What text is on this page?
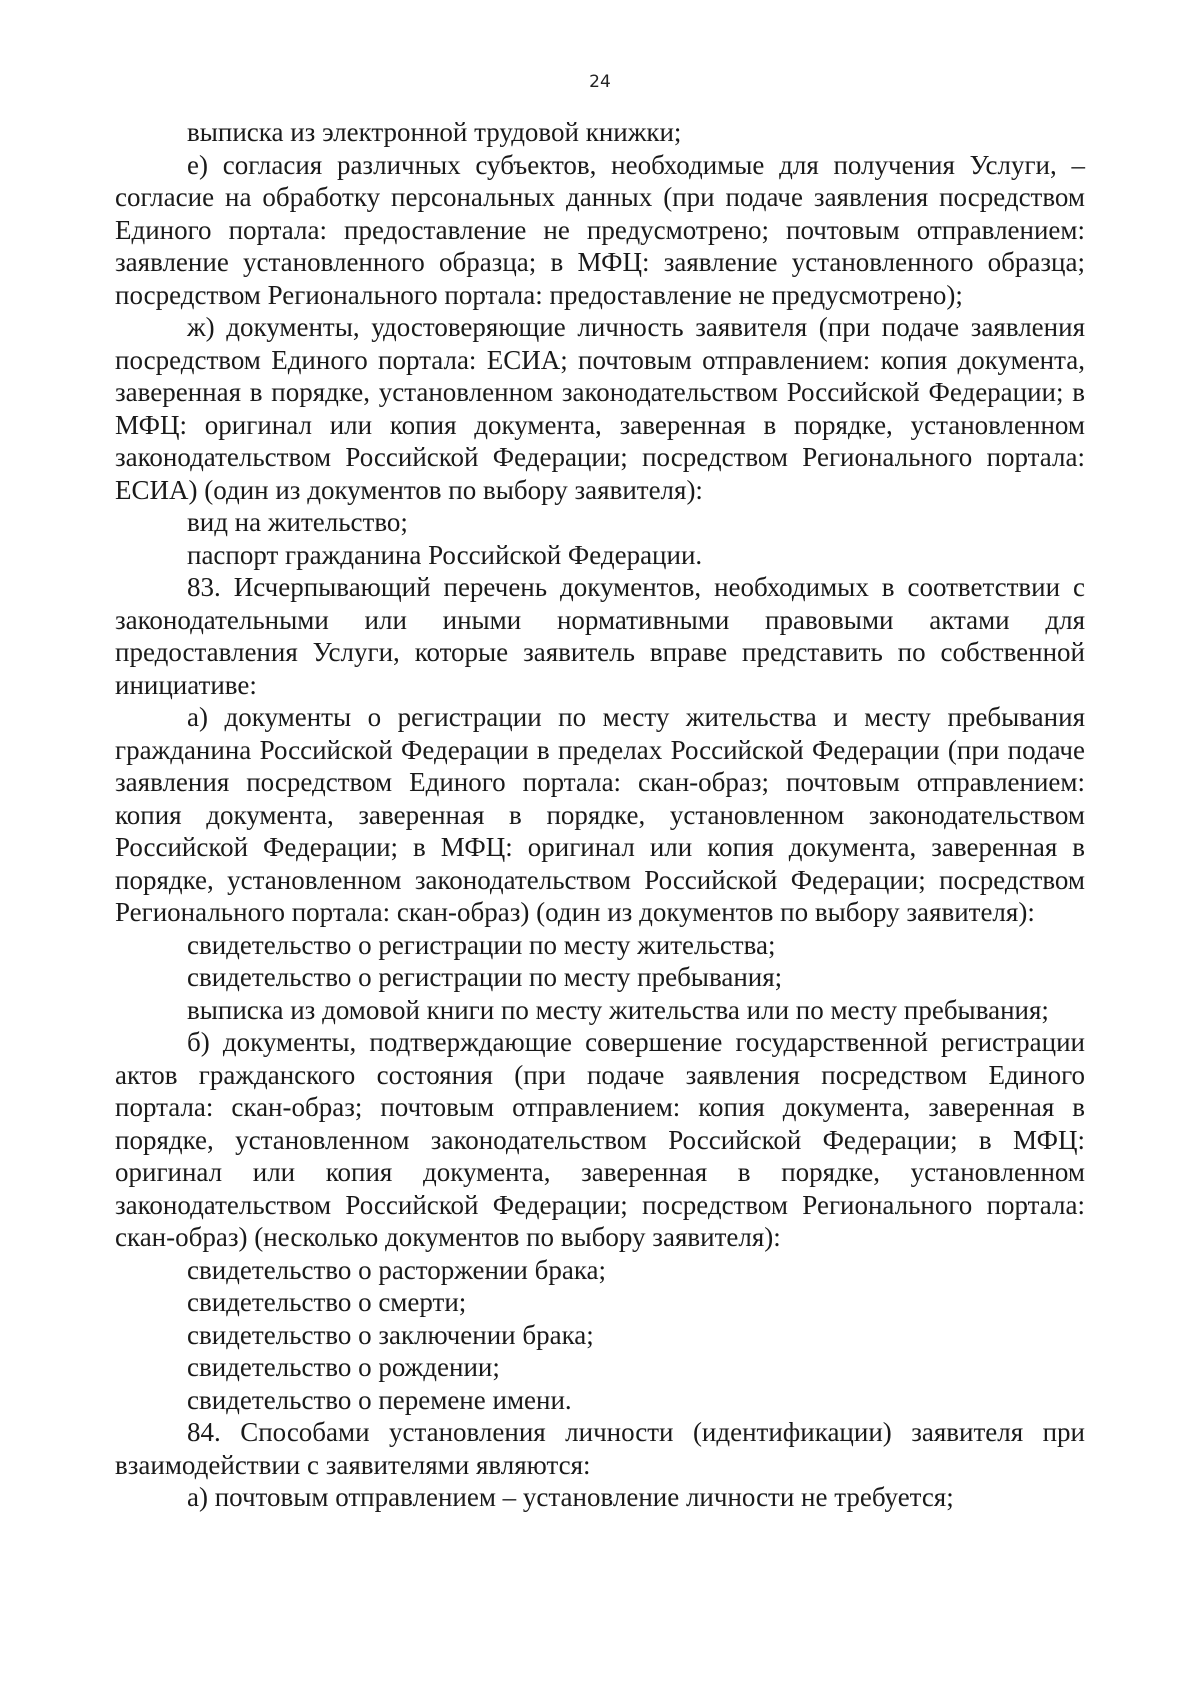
24

выписка из электронной трудовой книжки;

е) согласия различных субъектов, необходимые для получения Услуги, – согласие на обработку персональных данных (при подаче заявления посредством Единого портала: предоставление не предусмотрено; почтовым отправлением: заявление установленного образца; в МФЦ: заявление установленного образца; посредством Регионального портала: предоставление не предусмотрено);

ж) документы, удостоверяющие личность заявителя (при подаче заявления посредством Единого портала: ЕСИА; почтовым отправлением: копия документа, заверенная в порядке, установленном законодательством Российской Федерации; в МФЦ: оригинал или копия документа, заверенная в порядке, установленном законодательством Российской Федерации; посредством Регионального портала: ЕСИА) (один из документов по выбору заявителя):

вид на жительство;

паспорт гражданина Российской Федерации.

83. Исчерпывающий перечень документов, необходимых в соответствии с законодательными или иными нормативными правовыми актами для предоставления Услуги, которые заявитель вправе представить по собственной инициативе:

а) документы о регистрации по месту жительства и месту пребывания гражданина Российской Федерации в пределах Российской Федерации (при подаче заявления посредством Единого портала: скан-образ; почтовым отправлением: копия документа, заверенная в порядке, установленном законодательством Российской Федерации; в МФЦ: оригинал или копия документа, заверенная в порядке, установленном законодательством Российской Федерации; посредством Регионального портала: скан-образ) (один из документов по выбору заявителя):

свидетельство о регистрации по месту жительства;

свидетельство о регистрации по месту пребывания;

выписка из домовой книги по месту жительства или по месту пребывания;

б) документы, подтверждающие совершение государственной регистрации актов гражданского состояния (при подаче заявления посредством Единого портала: скан-образ; почтовым отправлением: копия документа, заверенная в порядке, установленном законодательством Российской Федерации; в МФЦ: оригинал или копия документа, заверенная в порядке, установленном законодательством Российской Федерации; посредством Регионального портала: скан-образ) (несколько документов по выбору заявителя):

свидетельство о расторжении брака;

свидетельство о смерти;

свидетельство о заключении брака;

свидетельство о рождении;

свидетельство о перемене имени.

84. Способами установления личности (идентификации) заявителя при взаимодействии с заявителями являются:

а) почтовым отправлением – установление личности не требуется;
